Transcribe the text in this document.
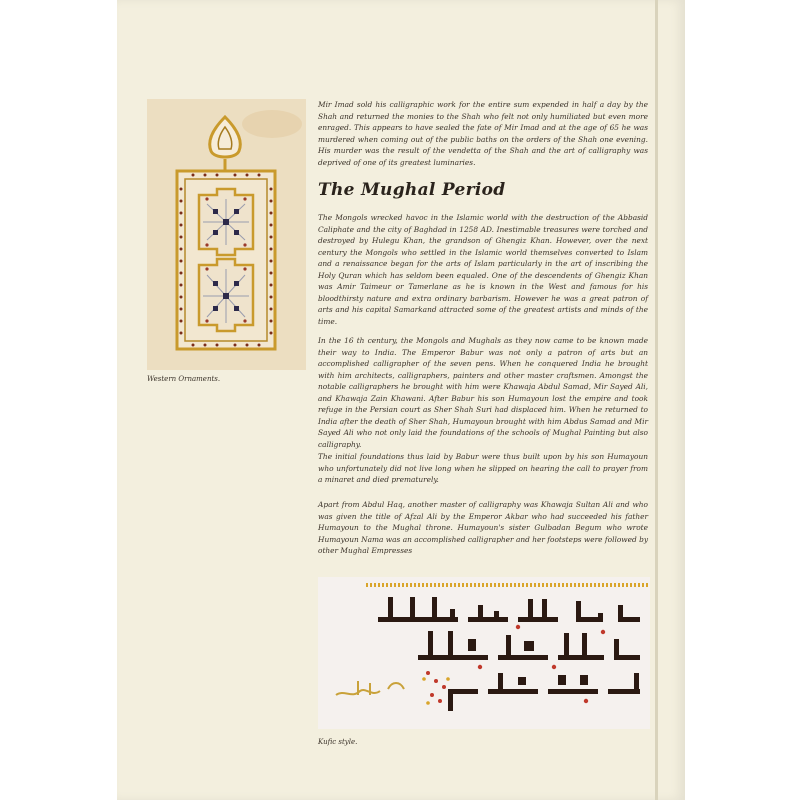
Western Ornaments.

Mir Imad sold his calligraphic work for the entire sum expended in half a day by the Shah and returned the monies to the Shah who felt not only humiliated but even more enraged. This appears to have sealed the fate of Mir Imad and at the age of 65 he was murdered when coming out of the public baths on the orders of the Shah one evening. His murder was the result of the vendetta of the Shah and the art of calligraphy was deprived of one of its greatest luminaries.

The Mughal Period

The Mongols wrecked havoc in the Islamic world with the destruction of the Abbasid Caliphate and the city of Baghdad in 1258 AD. Inestimable treasures were torched and destroyed by Hulegu Khan, the grandson of Ghengiz Khan. However, over the next century the Mongols who settled in the Islamic world themselves converted to Islam and a renaissance began for the arts of Islam particularly in the art of inscribing the Holy Quran which has seldom been equaled. One of the descendents of Ghengiz Khan was Amir Taimeur or Tamerlane as he is known in the West and famous for his bloodthirsty nature and extra ordinary barbarism. However he was a great patron of arts and his capital Samarkand attracted some of the greatest artists and minds of the time.

In the 16 th century, the Mongols and Mughals as they now came to be known made their way to India. The Emperor Babur was not only a patron of arts but an accomplished calligrapher of the seven pens. When he conquered India he brought with him architects, calligraphers, painters and other master craftsmen. Amongst the notable calligraphers he brought with him were Khawaja Abdul Samad, Mir Sayed Ali, and Khawaja Zain Khawani. After Babur his son Humayoun lost the empire and took refuge in the Persian court as Sher Shah Suri had displaced him. When he returned to India after the death of Sher Shah, Humayoun brought with him Abdus Samad and Mir Sayed Ali who not only laid the foundations of the schools of Mughal Painting but also calligraphy.

The initial foundations thus laid by Babur were thus built upon by his son Humayoun who unfortunately did not live long when he slipped on hearing the call to prayer from a minaret and died prematurely.

Apart from Abdul Haq, another master of calligraphy was Khawaja Sultan Ali and who was given the title of Afzal Ali by the Emperor Akbar who had succeeded his father Humayoun to the Mughal throne. Humayoun's sister Gulbadan Begum who wrote Humayoun Nama was an accomplished calligrapher and her footsteps were followed by other Mughal Empresses

Kufic style.
